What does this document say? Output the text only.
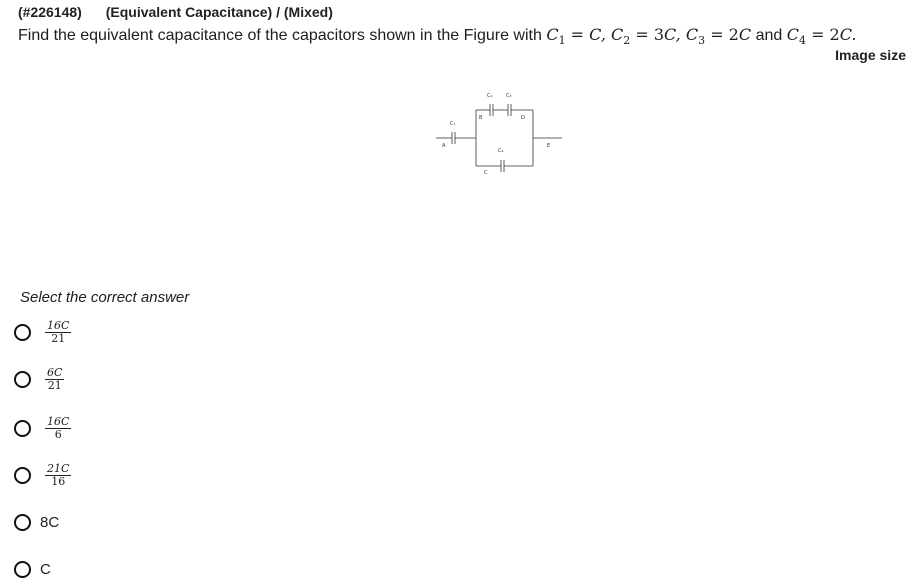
(#226148) (Equivalent Capacitance) / (Mixed)
Find the equivalent capacitance of the capacitors shown in the Figure with $C_1 = C$, $C_2 = 3C$, $C_3 = 2C$ and $C_4 = 2C$.
Image size
C₁
C₂	C₃
C₄
A
B
C
D
E
Select the correct answer
$\frac{16C}{21}$
$\frac{6C}{21}$
$\frac{16C}{6}$
$\frac{21C}{16}$
8C
C
